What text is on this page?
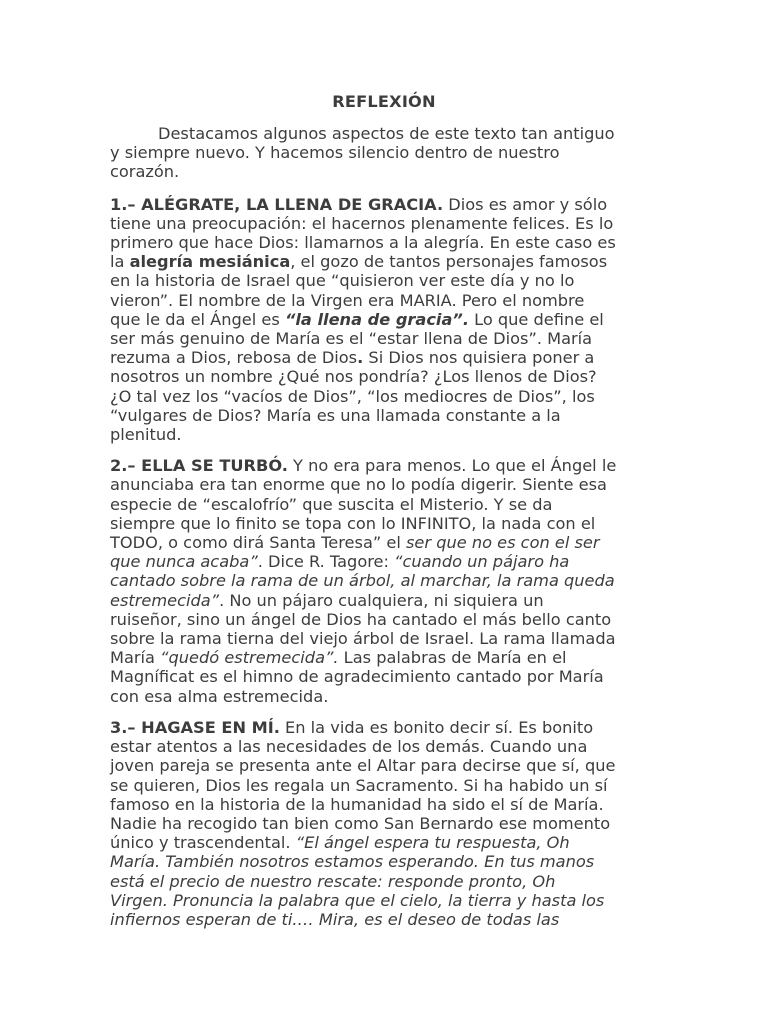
REFLEXIÓN

Destacamos algunos aspectos de este texto tan antiguo
y siempre nuevo. Y hacemos silencio dentro de nuestro
corazón.

1.– ALÉGRATE, LA LLENA DE GRACIA. Dios es amor y sólo
tiene una preocupación: el hacernos plenamente felices. Es lo
primero que hace Dios: llamarnos a la alegría. En este caso es
la alegría mesiánica, el gozo de tantos personajes famosos
en la historia de Israel que “quisieron ver este día y no lo
vieron”. El nombre de la Virgen era MARIA. Pero el nombre
que le da el Ángel es “la llena de gracia”. Lo que define el
ser más genuino de María es el “estar llena de Dios”. María
rezuma a Dios, rebosa de Dios. Si Dios nos quisiera poner a
nosotros un nombre ¿Qué nos pondría? ¿Los llenos de Dios?
¿O tal vez los “vacíos de Dios”, “los mediocres de Dios”, los
“vulgares de Dios? María es una llamada constante a la
plenitud.

2.– ELLA SE TURBÓ. Y no era para menos. Lo que el Ángel le
anunciaba era tan enorme que no lo podía digerir. Siente esa
especie de “escalofrío” que suscita el Misterio. Y se da
siempre que lo finito se topa con lo INFINITO, la nada con el
TODO, o como dirá Santa Teresa” el ser que no es con el ser
que nunca acaba”. Dice R. Tagore: “cuando un pájaro ha
cantado sobre la rama de un árbol, al marchar, la rama queda
estremecida”. No un pájaro cualquiera, ni siquiera un
ruiseñor, sino un ángel de Dios ha cantado el más bello canto
sobre la rama tierna del viejo árbol de Israel. La rama llamada
María “quedó estremecida”. Las palabras de María en el
Magníficat es el himno de agradecimiento cantado por María
con esa alma estremecida.

3.– HAGASE EN MÍ. En la vida es bonito decir sí. Es bonito
estar atentos a las necesidades de los demás. Cuando una
joven pareja se presenta ante el Altar para decirse que sí, que
se quieren, Dios les regala un Sacramento. Si ha habido un sí
famoso en la historia de la humanidad ha sido el sí de María.
Nadie ha recogido tan bien como San Bernardo ese momento
único y trascendental. “El ángel espera tu respuesta, Oh
María. También nosotros estamos esperando. En tus manos
está el precio de nuestro rescate: responde pronto, Oh
Virgen. Pronuncia la palabra que el cielo, la tierra y hasta los
infiernos esperan de ti.… Mira, es el deseo de todas las
